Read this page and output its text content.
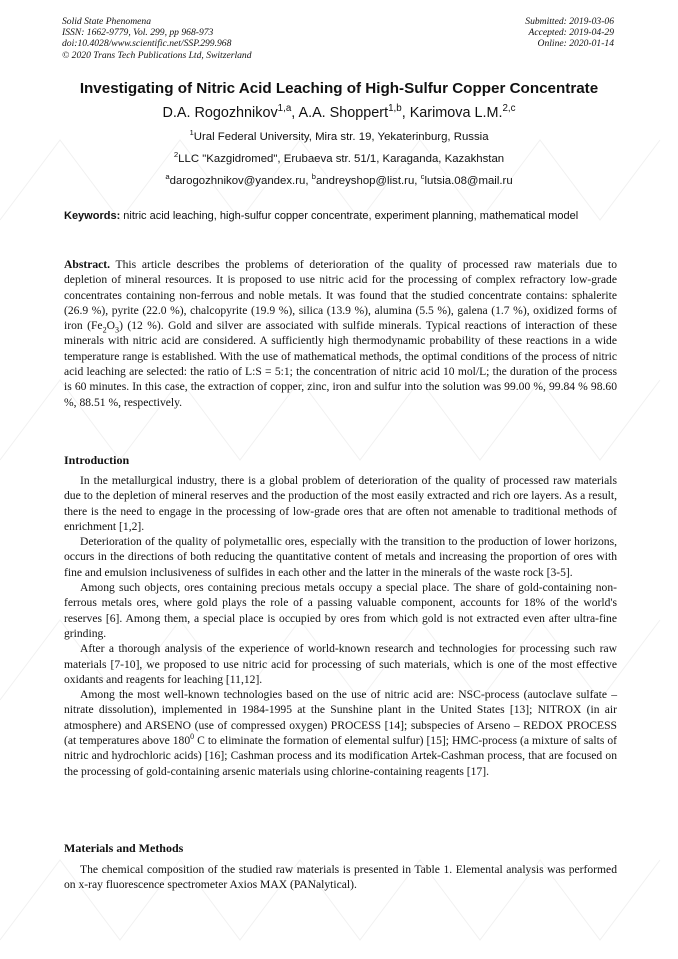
Solid State Phenomena
ISSN: 1662-9779, Vol. 299, pp 968-973
doi:10.4028/www.scientific.net/SSP.299.968
© 2020 Trans Tech Publications Ltd, Switzerland
Submitted: 2019-03-06
Accepted: 2019-04-29
Online: 2020-01-14
Investigating of Nitric Acid Leaching of High-Sulfur Copper Concentrate
D.A. Rogozhnikov$^{1,a}$, A.A. Shoppert$^{1,b}$, Karimova L.M.$^{2,c}$
$^1$Ural Federal University, Mira str. 19, Yekaterinburg, Russia
$^2$LLC "Kazgidromed", Erubaeva str. 51/1, Karaganda, Kazakhstan
$^a$darogozhnikov@yandex.ru, $^b$andreyshop@list.ru, $^c$lutsia.08@mail.ru
Keywords: nitric acid leaching, high-sulfur copper concentrate, experiment planning, mathematical model

Abstract. This article describes the problems of deterioration of the quality of processed raw materials due to depletion of mineral resources. It is proposed to use nitric acid for the processing of complex refractory low-grade concentrates containing non-ferrous and noble metals. It was found that the studied concentrate contains: sphalerite (26.9 %), pyrite (22.0 %), chalcopyrite (19.9 %), silica (13.9 %), alumina (5.5 %), galena (1.7 %), oxidized forms of iron $(Fe_2O_3)$ (12 %). Gold and silver are associated with sulfide minerals. Typical reactions of interaction of these minerals with nitric acid are considered. A sufficiently high thermodynamic probability of these reactions in a wide temperature range is established. With the use of mathematical methods, the optimal conditions of the process of nitric acid leaching are selected: the ratio of L:S = 5:1; the concentration of nitric acid 10 mol/L; the duration of the process is 60 minutes. In this case, the extraction of copper, zinc, iron and sulfur into the solution was 99.00 %, 99.84 % 98.60 %, 88.51 %, respectively.

Introduction

In the metallurgical industry, there is a global problem of deterioration of the quality of processed raw materials due to the depletion of mineral reserves and the production of the most easily extracted and rich ore layers. As a result, there is the need to engage in the processing of low-grade ores that are often not amenable to traditional methods of enrichment [1,2].

Deterioration of the quality of polymetallic ores, especially with the transition to the production of lower horizons, occurs in the directions of both reducing the quantitative content of metals and increasing the proportion of ores with fine and emulsion inclusiveness of sulfides in each other and the latter in the minerals of the waste rock [3-5].

Among such objects, ores containing precious metals occupy a special place. The share of gold-containing non-ferrous metals ores, where gold plays the role of a passing valuable component, accounts for 18% of the world's reserves [6]. Among them, a special place is occupied by ores from which gold is not extracted even after ultra-fine grinding.

After a thorough analysis of the experience of world-known research and technologies for processing such raw materials [7-10], we proposed to use nitric acid for processing of such materials, which is one of the most effective oxidants and reagents for leaching [11,12].

Among the most well-known technologies based on the use of nitric acid are: NSC-process (autoclave sulfate – nitrate dissolution), implemented in 1984-1995 at the Sunshine plant in the United States [13]; NITROX (in air atmosphere) and ARSENO (use of compressed oxygen) PROCESS [14]; subspecies of Arseno – REDOX PROCESS (at temperatures above $180^0$ C to eliminate the formation of elemental sulfur) [15]; HMC-process (a mixture of salts of nitric and hydrochloric acids) [16]; Cashman process and its modification Artek-Cashman process, that are focused on the processing of gold-containing arsenic materials using chlorine-containing reagents [17].

Materials and Methods

The chemical composition of the studied raw materials is presented in Table 1. Elemental analysis was performed on x-ray fluorescence spectrometer Axios MAX (PANalytical).
